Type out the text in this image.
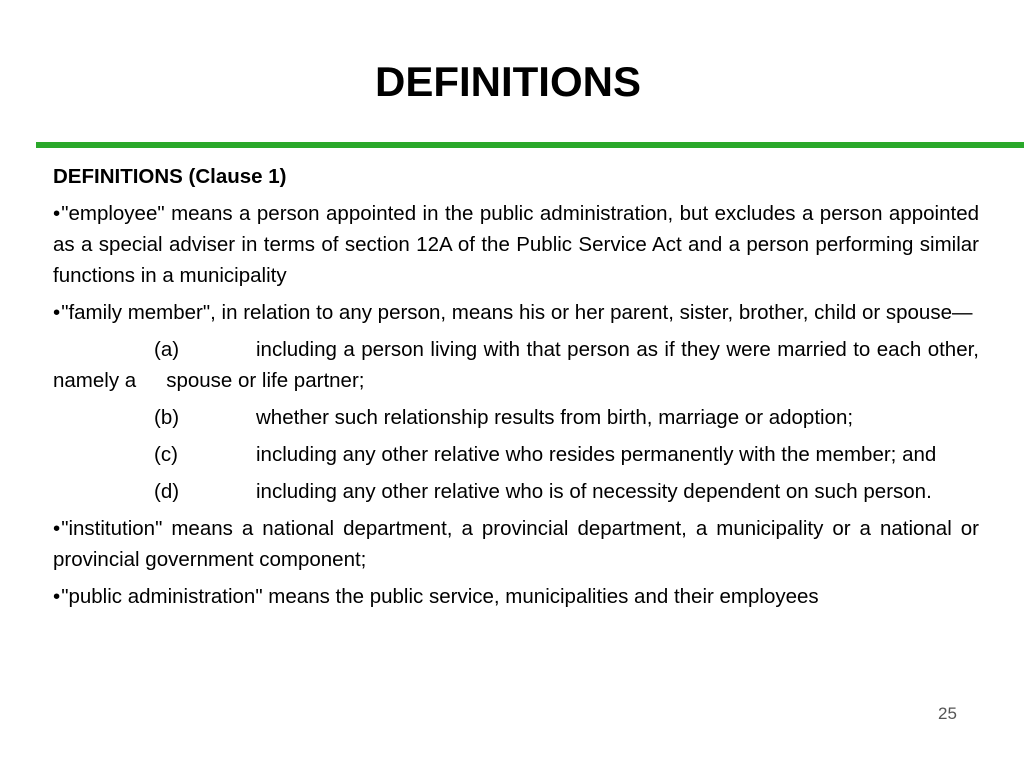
DEFINITIONS

DEFINITIONS (Clause 1)

•"employee" means a person appointed in the public administration, but excludes a person appointed as a special adviser in terms of section 12A of the Public Service Act and a person performing similar functions in a municipality

•"family member", in relation to any person, means his or her parent, sister, brother, child or spouse—

(a)	including a person living with that person as if they were married to each other, namely a spouse or life partner;

(b)	whether such relationship results from birth, marriage or adoption;

(c)	including any other relative who resides permanently with the member; and

(d)	including any other relative who is of necessity dependent on such person.

•"institution" means a national department, a provincial department, a municipality or a national or provincial government component;

•"public administration" means the public service, municipalities and their employees

25
